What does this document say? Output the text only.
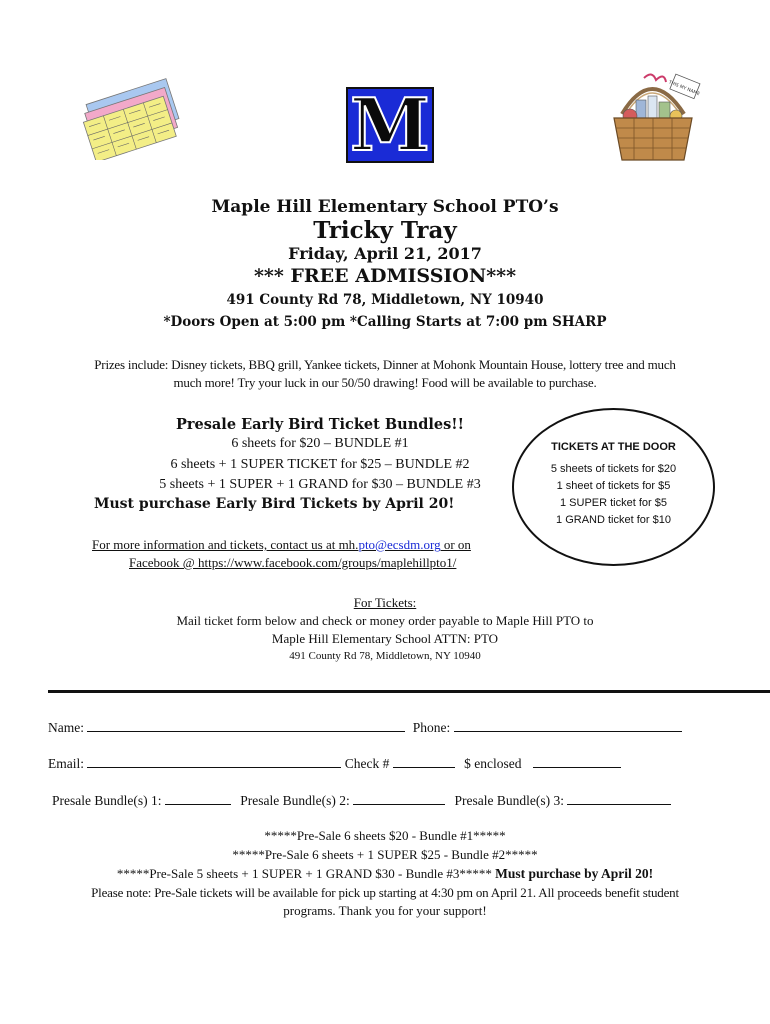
M	THIS MY NAME
Maple Hill Elementary School PTO’s
Tricky Tray
Friday, April 21, 2017
*** FREE ADMISSION***
491 County Rd 78, Middletown, NY 10940
*Doors Open at 5:00 pm *Calling Starts at 7:00 pm SHARP
Prizes include: Disney tickets, BBQ grill, Yankee tickets, Dinner at Mohonk Mountain House, lottery tree and much
much more! Try your luck in our 50/50 drawing! Food will be available to purchase.
Presale Early Bird Ticket Bundles!!
6 sheets for $20 – BUNDLE #1
6 sheets + 1 SUPER TICKET for $25 – BUNDLE #2
5 sheets + 1 SUPER + 1 GRAND for $30 – BUNDLE #3
Must purchase Early Bird Tickets by April 20!
TICKETS AT THE DOOR
5 sheets of tickets for $20
1 sheet of tickets for $5
1 SUPER ticket for $5
1 GRAND ticket for $10
For more information and tickets, contact us at mh.pto@ecsdm.org or on
Facebook @ https://www.facebook.com/groups/maplehillpto1/
For Tickets:
Mail ticket form below and check or money order payable to Maple Hill PTO to
Maple Hill Elementary School ATTN: PTO
491 County Rd 78, Middletown, NY 10940
Name:	Phone:
Email:	Check #	$ enclosed
Presale Bundle(s) 1:	Presale Bundle(s) 2:	Presale Bundle(s) 3:
*****Pre-Sale 6 sheets $20 - Bundle #1*****
*****Pre-Sale 6 sheets + 1 SUPER $25 - Bundle #2*****
*****Pre-Sale 5 sheets + 1 SUPER + 1 GRAND $30 - Bundle #3***** Must purchase by April 20!
Please note: Pre-Sale tickets will be available for pick up starting at 4:30 pm on April 21. All proceeds benefit student
programs. Thank you for your support!
